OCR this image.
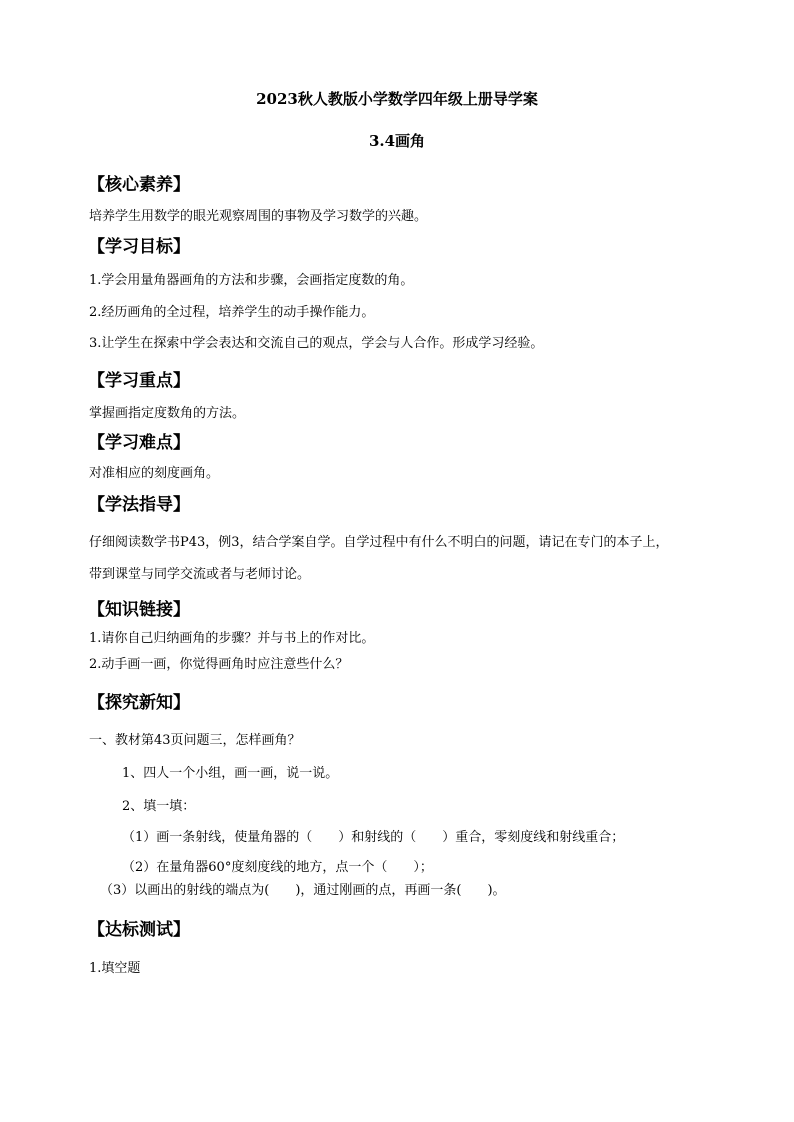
2023秋人教版小学数学四年级上册导学案
3.4画角
【核心素养】

培养学生用数学的眼光观察周围的事物及学习数学的兴趣。

【学习目标】

1.学会用量角器画角的方法和步骤，会画指定度数的角。

2.经历画角的全过程，培养学生的动手操作能力。

3.让学生在探索中学会表达和交流自己的观点，学会与人合作。形成学习经验。

【学习重点】

掌握画指定度数角的方法。

【学习难点】

对准相应的刻度画角。

【学法指导】

仔细阅读数学书P43，例3，结合学案自学。自学过程中有什么不明白的问题，请记在专门的本子上，

带到课堂与同学交流或者与老师讨论。

【知识链接】

1.请你自己归纳画角的步骤？并与书上的作对比。

2.动手画一画，你觉得画角时应注意些什么？

【探究新知】

一、教材第43页问题三，怎样画角？

1、四人一个小组，画一画，说一说。

2、填一填：

（1）画一条射线，使量角器的（　　）和射线的（　　）重合，零刻度线和射线重合；

（2）在量角器60°度刻度线的地方，点一个（　　）；

（3）以画出的射线的端点为(　　)，通过刚画的点，再画一条(　　)。

【达标测试】

1.填空题
